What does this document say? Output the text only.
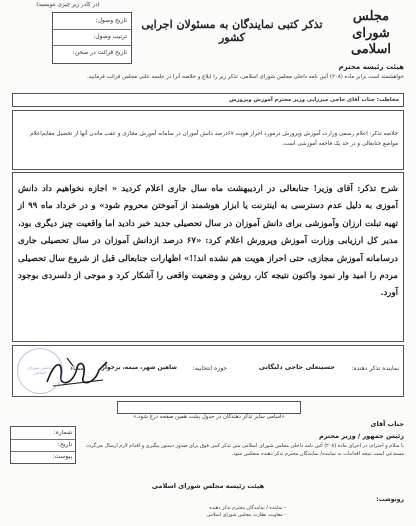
(در کادر زیر چیزی ننویسید)
تاریخ وصول:
ترتیب وصول:
تاریخ قرائت در صحن:
مجلس شورای
اسلامی
تذکر کتبی نمایندگان به مسئولان اجرایی کشور
هیئت رئیسه محترم
خواهشمند است برابر ماده (۲۰۸) آئین نامه داخلی مجلس شورای اسلامی، تذکر زیر را ابلاغ و خلاصه آنرا در جلسه علنی مجلس قرائت فرمایید.
مخاطب: جناب آقای حاجی میرزایی وزیر محترم آموزش وپرورش
خلاصه تذکر: اعلام رسمی وزارت آموزش وپرورش درمورد احراز هویت ۶۷درصد دانش آموزان در سامانه آموزش مجازی و عقب ماندن آنها از تحصیل مقایم‌اعلام مواضع جنابعالی و در حد یک فاجعه آموزشی است.
شرح تذکر: آقای وزیر! جنابعالی در اردیبهشت ماه سال جاری اعلام کردید « اجازه نخواهیم داد دانش آموزی به دلیل عدم دسترسی به اینترنت یا ابزار هوشمند از آموختن محروم شود» و در خرداد ماه ۹۹ از تهیه تبلت ارزان وآموزشی برای دانش آموزان در سال تحصیلی جدید خبر دادید اما واقعیت چیز دیگری بود، مدیر کل ارزیابی وزارت آموزش وپرورش اعلام کرد: «۶۷ درصد ازدانش آموزان در سال تحصیلی جاری درسامانه آموزش مجازی، حتی احراز هویت هم نشده اند!!» اظهارات جنابعالی قبل از شروع سال تحصیلی مردم را امید وار نمود واکنون نتیجه کار، روشن و وضعیت واقعی را آشکار کرد و موجی از دلسردی بوجود آورد.
نماینده تذکر دهنده:
حسینعلی حاجی دلیگانی
حوزه انتخابیه:
شاهین شهر، میمه، برخوار
امضاء
مجلس شورای اسلامی
«اسامی سایر تذکر دهندگان در جدول پشت همین صفحه درج شود.»
جناب آقای
رئیس جمهور / وزیر محترم
شماره:
تاریخ:
پیوست:
با سلام و احترام، در اجرای ماده (۲۰۸) آئین نامه داخلی مجلس شورای اسلامی متن تذکر کتبی فوق برای صدور دستور پیگیری و اقدام لازم ارسال می‌گردد. مستدعی است نتیجه اقدامات به نماینده/ نمایندگان محترم تذکر دهنده منعکس شود.
هیئت رئیسه مجلس شورای اسلامی
رونوشت:
- نماینده / نمایندگان محترم تذکر دهنده
- معاونت نظارت مجلس شورای اسلامی
